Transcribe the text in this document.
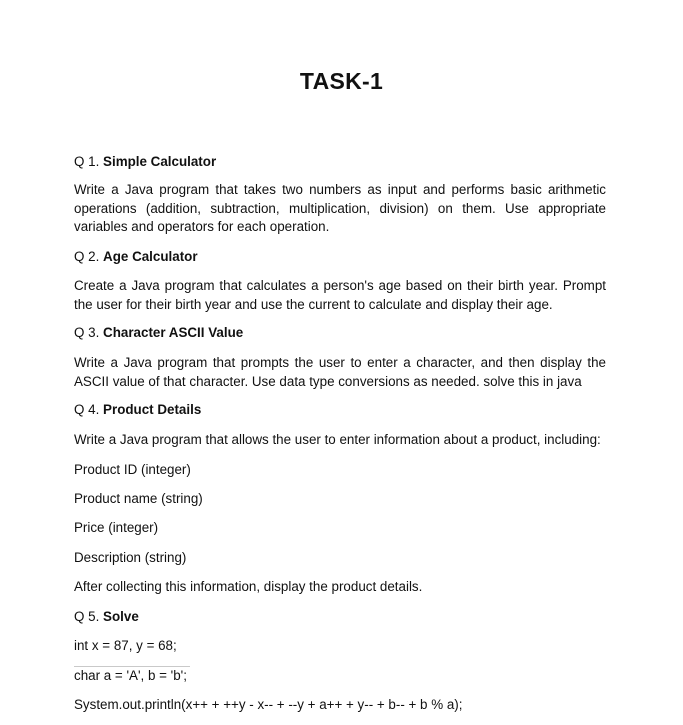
TASK-1
Q 1. Simple Calculator
Write a Java program that takes two numbers as input and performs basic arithmetic operations (addition, subtraction, multiplication, division) on them. Use appropriate variables and operators for each operation.
Q 2. Age Calculator
Create a Java program that calculates a person's age based on their birth year. Prompt the user for their birth year and use the current to calculate and display their age.
Q 3. Character ASCII Value
Write a Java program that prompts the user to enter a character, and then display the ASCII value of that character. Use data type conversions as needed. solve this in java
Q 4. Product Details
Write a Java program that allows the user to enter information about a product, including:
Product ID (integer)
Product name (string)
Price (integer)
Description (string)
After collecting this information, display the product details.
Q 5. Solve
int x = 87, y = 68;
char a = 'A', b = 'b';
System.out.println(x++ + ++y - x-- + --y + a++ + y-- + b-- + b % a);
